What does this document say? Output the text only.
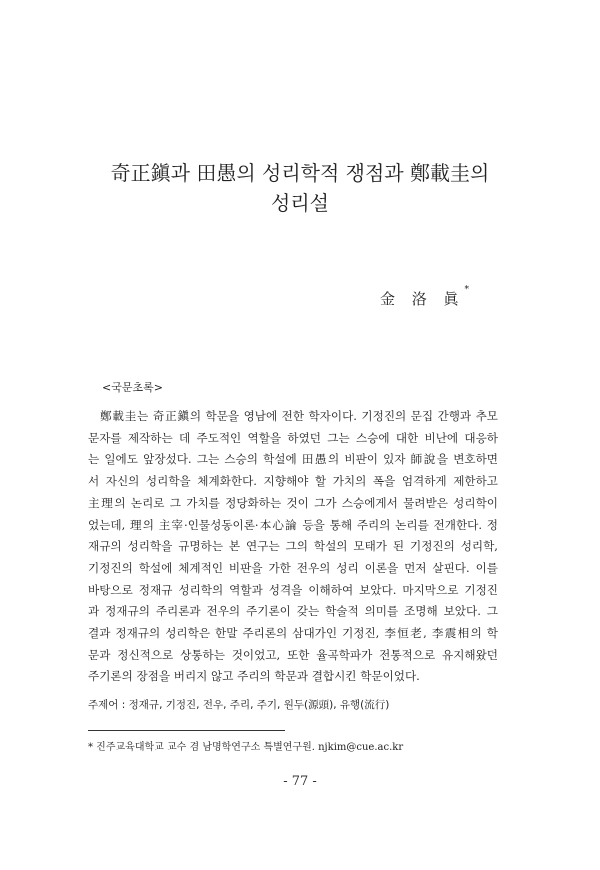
奇正鎭과 田愚의 성리학적 쟁점과 鄭載圭의
성리설
金 洛 眞*
<국문초록>
鄭載圭는 奇正鎭의 학문을 영남에 전한 학자이다. 기정진의 문집 간행과 추모
문자를 제작하는 데 주도적인 역할을 하였던 그는 스승에 대한 비난에 대응하
는 일에도 앞장섰다. 그는 스승의 학설에 田愚의 비판이 있자 師說을 변호하면
서 자신의 성리학을 체계화한다. 지향해야 할 가치의 폭을 엄격하게 제한하고
主理의 논리로 그 가치를 정당화하는 것이 그가 스승에게서 물려받은 성리학이
었는데, 理의 主宰·인물성동이론·本心論 등을 통해 주리의 논리를 전개한다. 정
재규의 성리학을 규명하는 본 연구는 그의 학설의 모태가 된 기정진의 성리학,
기정진의 학설에 체계적인 비판을 가한 전우의 성리 이론을 먼저 살핀다. 이를
바탕으로 정재규 성리학의 역할과 성격을 이해하여 보았다. 마지막으로 기정진
과 정재규의 주리론과 전우의 주기론이 갖는 학술적 의미를 조명해 보았다. 그
결과 정재규의 성리학은 한말 주리론의 삼대가인 기정진, 李恒老, 李震相의 학
문과 정신적으로 상통하는 것이었고, 또한 율곡학파가 전통적으로 유지해왔던
주기론의 장점을 버리지 않고 주리의 학문과 결합시킨 학문이었다.
주제어 : 정재규, 기정진, 전우, 주리, 주기, 원두(源頭), 유행(流行)
* 진주교육대학교 교수 겸 남명학연구소 특별연구원. njkim@cue.ac.kr
- 77 -
